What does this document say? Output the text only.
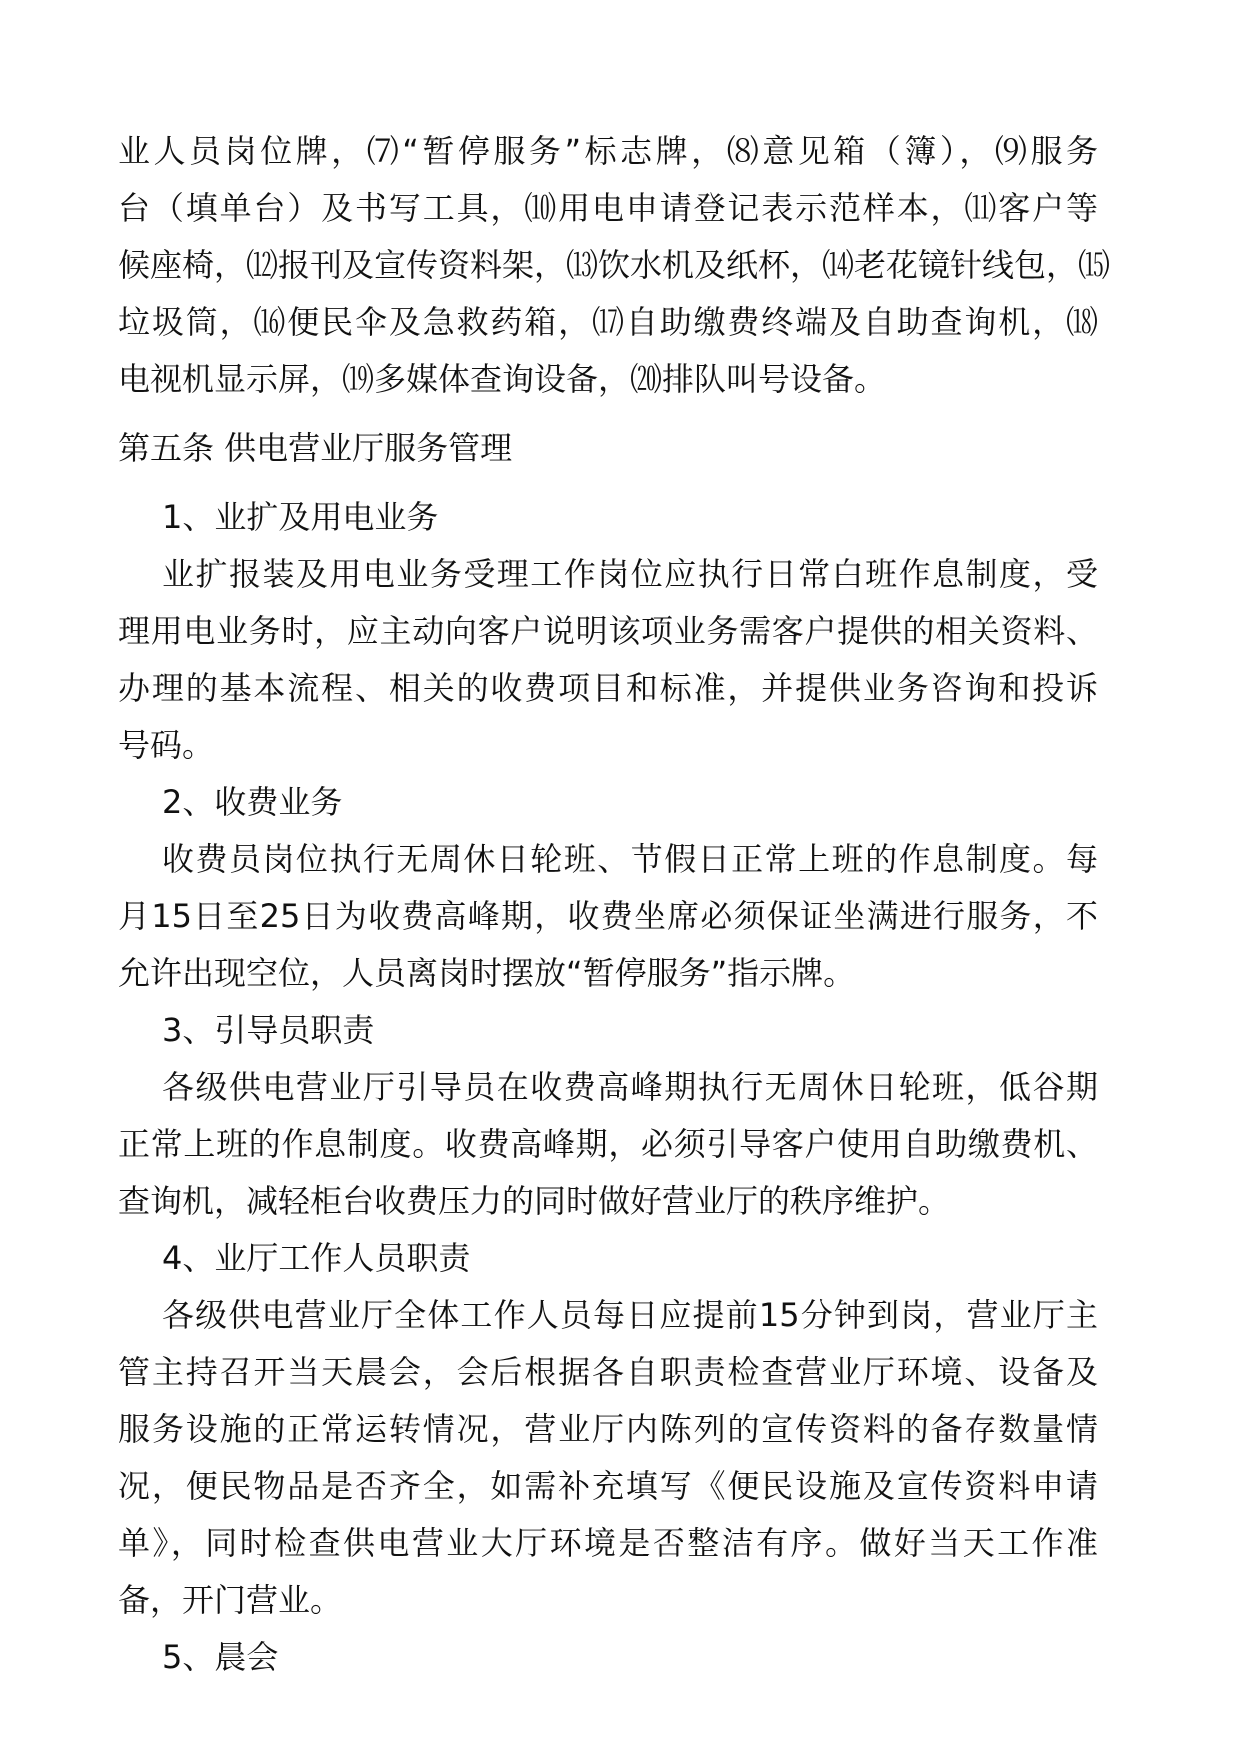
业人员岗位牌，⑺“暂停服务”标志牌，⑻意见箱（簿），⑼服务
台（填单台）及书写工具，⑽用电申请登记表示范样本，⑾客户等
候座椅，⑿报刊及宣传资料架，⒀饮水机及纸杯，⒁老花镜针线包，⒂
垃圾筒，⒃便民伞及急救药箱，⒄自助缴费终端及自助查询机，⒅
电视机显示屏，⒆多媒体查询设备，⒇排队叫号设备。
第五条 供电营业厅服务管理
1、业扩及用电业务
业扩报装及用电业务受理工作岗位应执行日常白班作息制度，受
理用电业务时，应主动向客户说明该项业务需客户提供的相关资料、
办理的基本流程、相关的收费项目和标准，并提供业务咨询和投诉
号码。
2、收费业务
收费员岗位执行无周休日轮班、节假日正常上班的作息制度。每
月15日至25日为收费高峰期，收费坐席必须保证坐满进行服务，不
允许出现空位，人员离岗时摆放“暂停服务”指示牌。
3、引导员职责
各级供电营业厅引导员在收费高峰期执行无周休日轮班，低谷期
正常上班的作息制度。收费高峰期，必须引导客户使用自助缴费机、
查询机，减轻柜台收费压力的同时做好营业厅的秩序维护。
4、业厅工作人员职责
各级供电营业厅全体工作人员每日应提前15分钟到岗，营业厅主
管主持召开当天晨会，会后根据各自职责检查营业厅环境、设备及
服务设施的正常运转情况，营业厅内陈列的宣传资料的备存数量情
况，便民物品是否齐全，如需补充填写《便民设施及宣传资料申请
单》，同时检查供电营业大厅环境是否整洁有序。做好当天工作准
备，开门营业。
5、晨会
